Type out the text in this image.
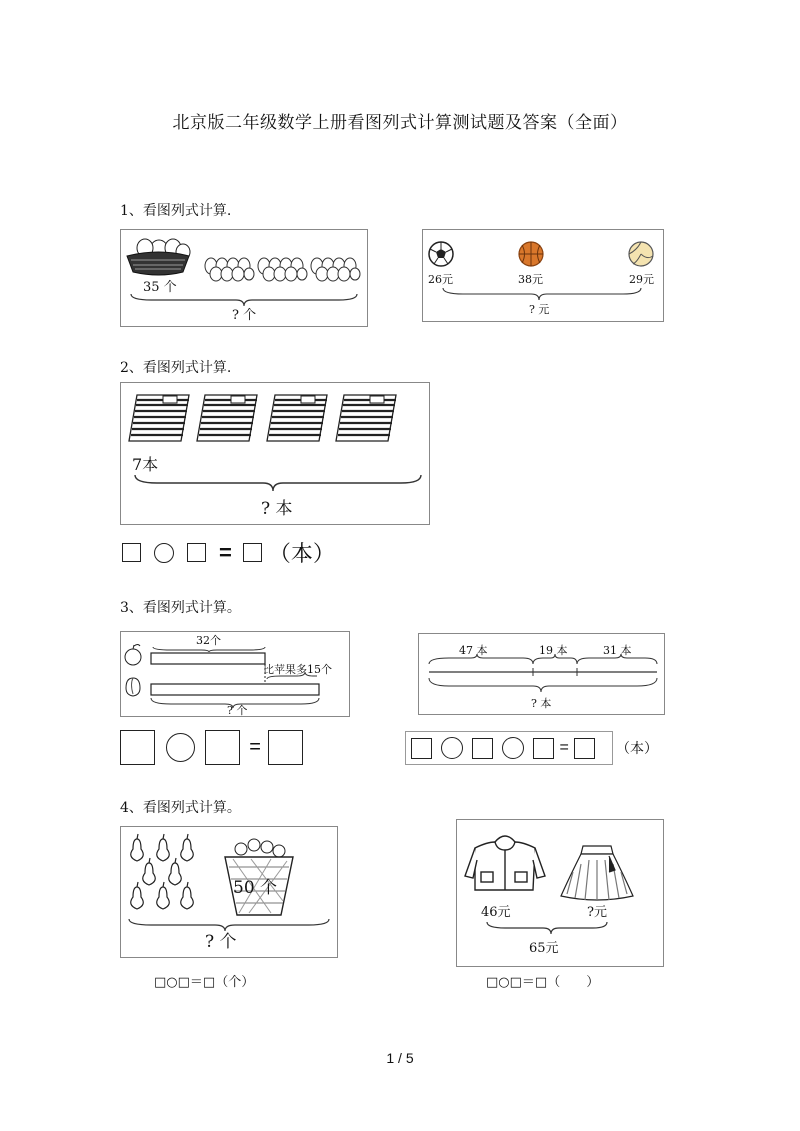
北京版二年级数学上册看图列式计算测试题及答案（全面）
1、看图列式计算.
35 个
? 个
26元	38元	29元
? 元
2、看图列式计算.
7本
? 本
= （本）
3、看图列式计算。
32个
比苹果多15个
? 个
47 本	19 本	31 本
? 本
=	=	（本）
4、看图列式计算。
50 个
? 个
46元	?元
65元
□○□＝□（个）	□○□＝□（　　）
1 / 5
